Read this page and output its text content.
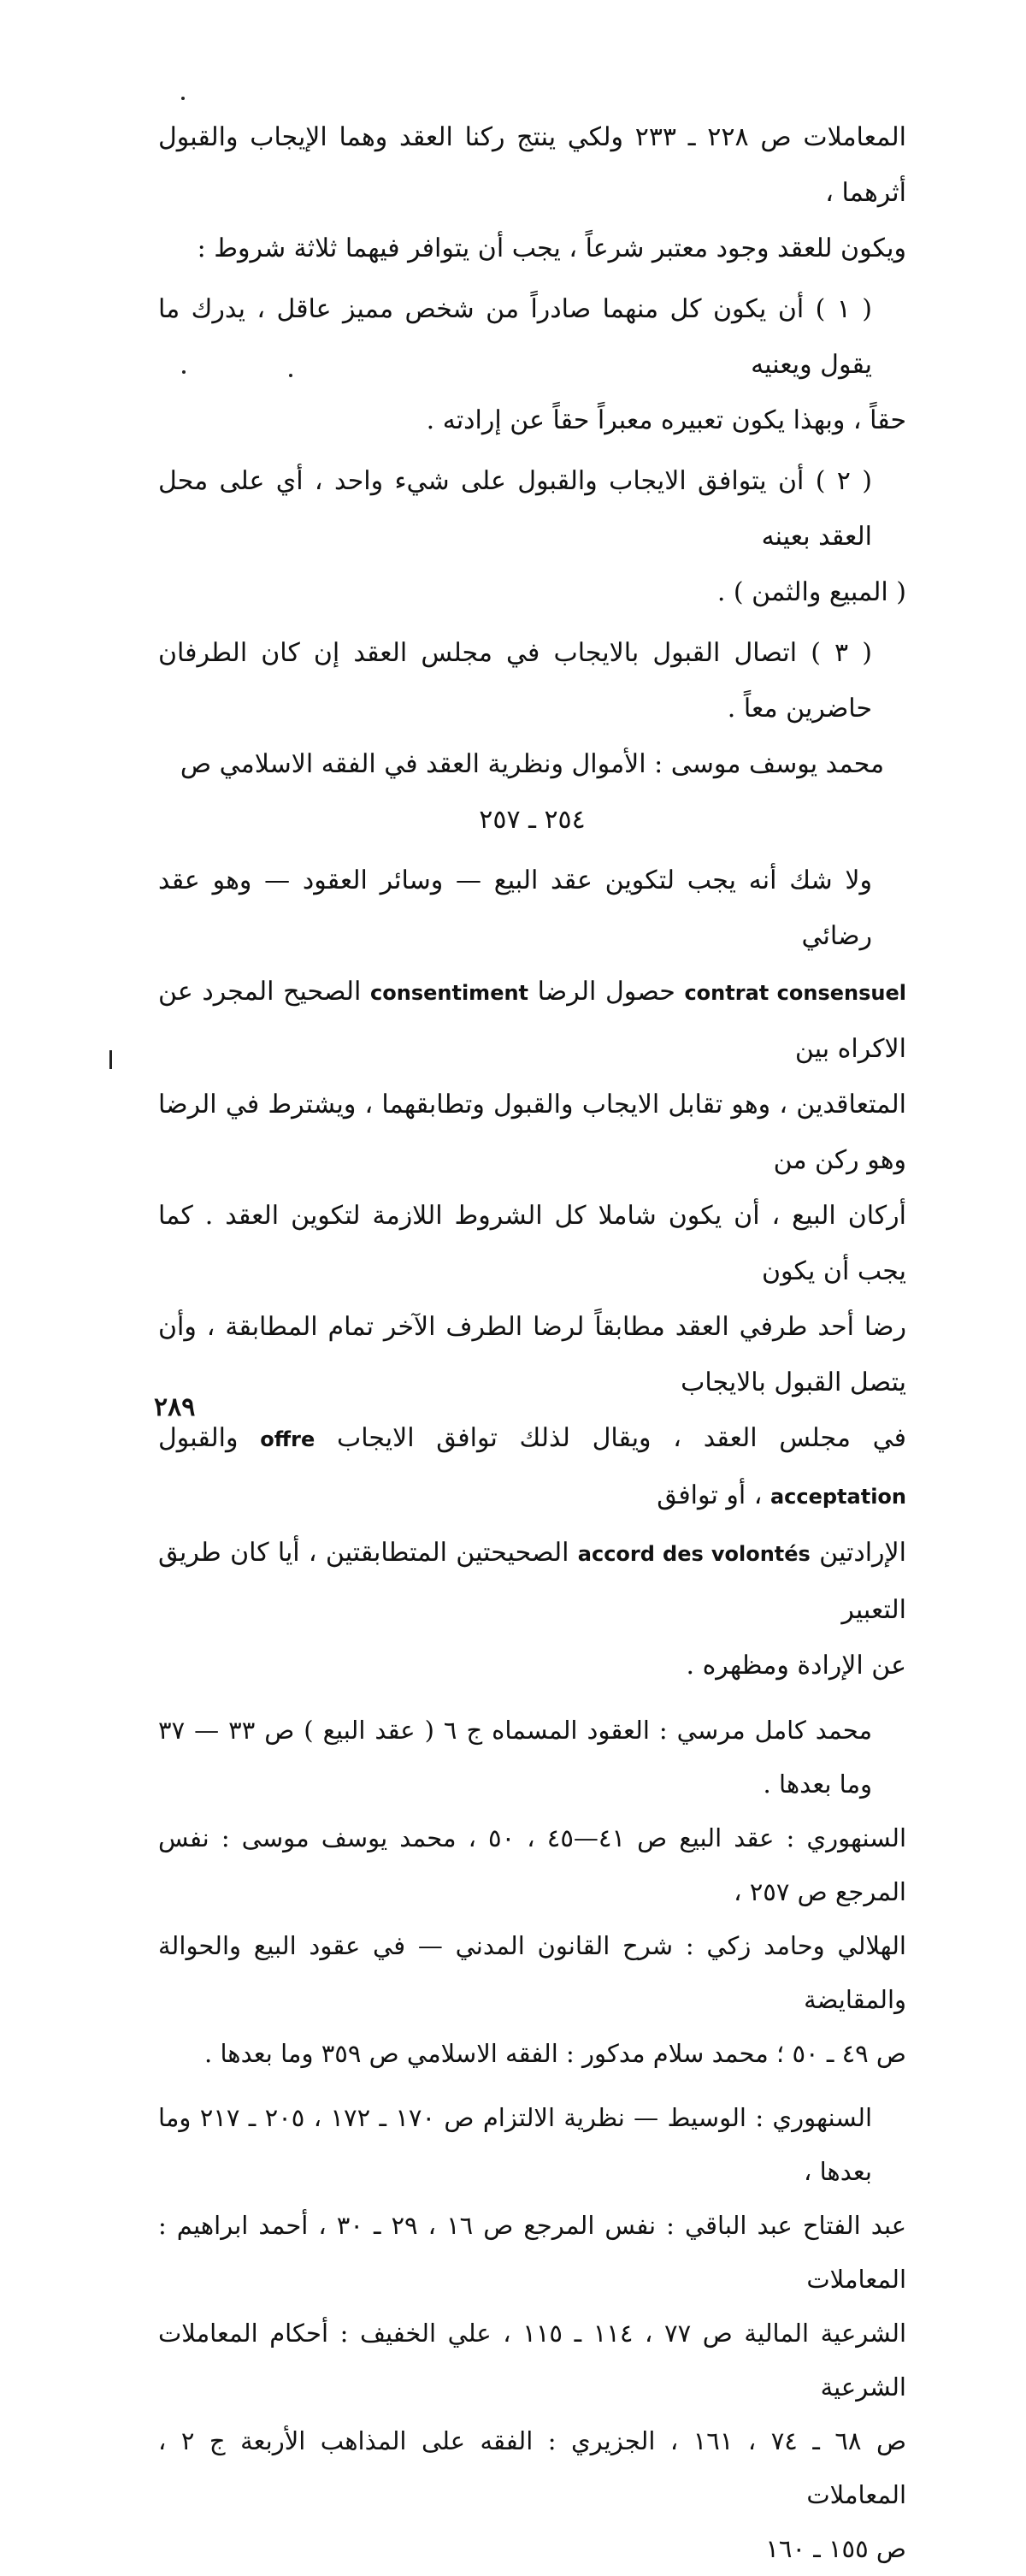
المعاملات ص ٢٢٨ ـ ٢٣٣ ولكي ينتج ركنا العقد وهما الإيجاب والقبول أثرهما ،

ويكون للعقد وجود معتبر شرعاً ، يجب أن يتوافر فيهما ثلاثة شروط :

( ١ ) أن يكون كل منهما صادراً من شخص مميز عاقل ، يدرك ما يقول ويعنيه

حقاً ، وبهذا يكون تعبيره معبراً حقاً عن إرادته .

( ٢ ) أن يتوافق الايجاب والقبول على شيء واحد ، أي على محل العقد بعينه

( المبيع والثمن ) .

( ٣ ) اتصال القبول بالايجاب في مجلس العقد إن كان الطرفان حاضرين معاً .

محمد يوسف موسى : الأموال ونظرية العقد في الفقه الاسلامي ص ٢٥٤ ـ ٢٥٧

ولا شك أنه يجب لتكوين عقد البيع — وسائر العقود — وهو عقد رضائي

contrat consensuel حصول الرضا consentiment الصحيح المجرد عن الاكراه بين

المتعاقدين ، وهو تقابل الايجاب والقبول وتطابقهما ، ويشترط في الرضا وهو ركن من

أركان البيع ، أن يكون شاملا كل الشروط اللازمة لتكوين العقد . كما يجب أن يكون

رضا أحد طرفي العقد مطابقاً لرضا الطرف الآخر تمام المطابقة ، وأن يتصل القبول بالايجاب

في مجلس العقد ، ويقال لذلك توافق الايجاب offre والقبول acceptation ، أو توافق

الإرادتين accord des volontés الصحيحتين المتطابقتين ، أيا كان طريق التعبير

عن الإرادة ومظهره .

محمد كامل مرسي : العقود المسماه ج ٦ ( عقد البيع ) ص ٣٣ — ٣٧ وما بعدها .

السنهوري : عقد البيع ص ٤١—٤٥ ، ٥٠ ، محمد يوسف موسى : نفس المرجع ص ٢٥٧ ،

الهلالي وحامد زكي : شرح القانون المدني — في عقود البيع والحوالة والمقايضة

ص ٤٩ ـ ٥٠ ؛ محمد سلام مدكور : الفقه الاسلامي ص ٣٥٩ وما بعدها .

السنهوري : الوسيط — نظرية الالتزام ص ١٧٠ ـ ١٧٢ ، ٢٠٥ ـ ٢١٧ وما بعدها ،

عبد الفتاح عبد الباقي : نفس المرجع ص ١٦ ، ٢٩ ـ ٣٠ ، أحمد ابراهيم : المعاملات

الشرعية المالية ص ٧٧ ، ١١٤ ـ ١١٥ ، علي الخفيف : أحكام المعاملات الشرعية

ص ٦٨ ـ ٧٤ ، ١٦١ ، الجزيري : الفقه على المذاهب الأربعة ج ٢ ، المعاملات

ص ١٥٥ ـ ١٦٠

٢٨٩
